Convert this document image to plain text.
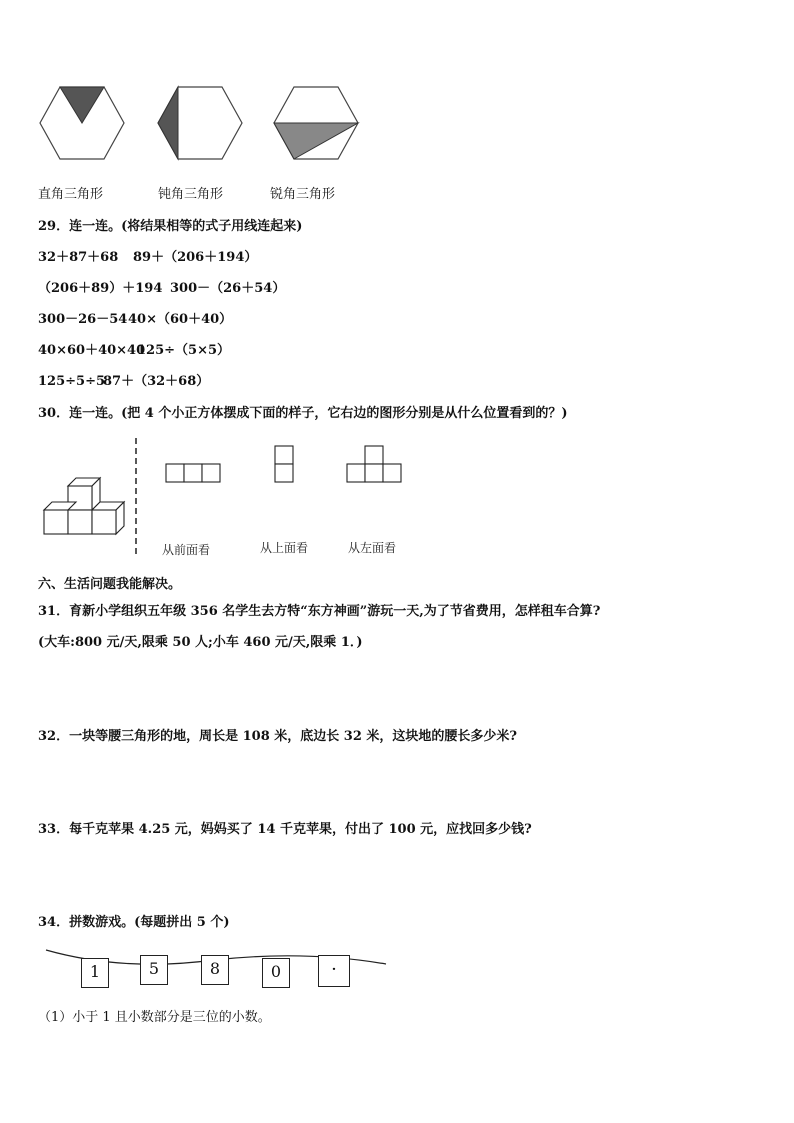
直角三角形	钝角三角形	锐角三角形
29．连一连。(将结果相等的式子用线连起来)
32＋87＋68 89＋（206＋194）
（206＋89）＋194 300－（26＋54）
300－26－54 40×（60＋40）
40×60＋40×40
125÷（5×5）
125÷5÷5
87＋（32＋68）
30．连一连。(把 4 个小正方体摆成下面的样子，它右边的图形分别是从什么位置看到的？)
从前面看	从上面看	从左面看
六、生活问题我能解决。
31．育新小学组织五年级 356 名学生去方特“东方神画”游玩一天,为了节省费用，怎样租车合算?
(大车:800 元/天,限乘 50 人;小车 460 元/天,限乘 1．)
32．一块等腰三角形的地，周长是 108 米，底边长 32 米，这块地的腰长多少米?
33．每千克苹果 4.25 元，妈妈买了 14 千克苹果，付出了 100 元，应找回多少钱?
34．拼数游戏。(每题拼出 5 个)
1	5	8	0	·
（1）小于 1 且小数部分是三位的小数。
